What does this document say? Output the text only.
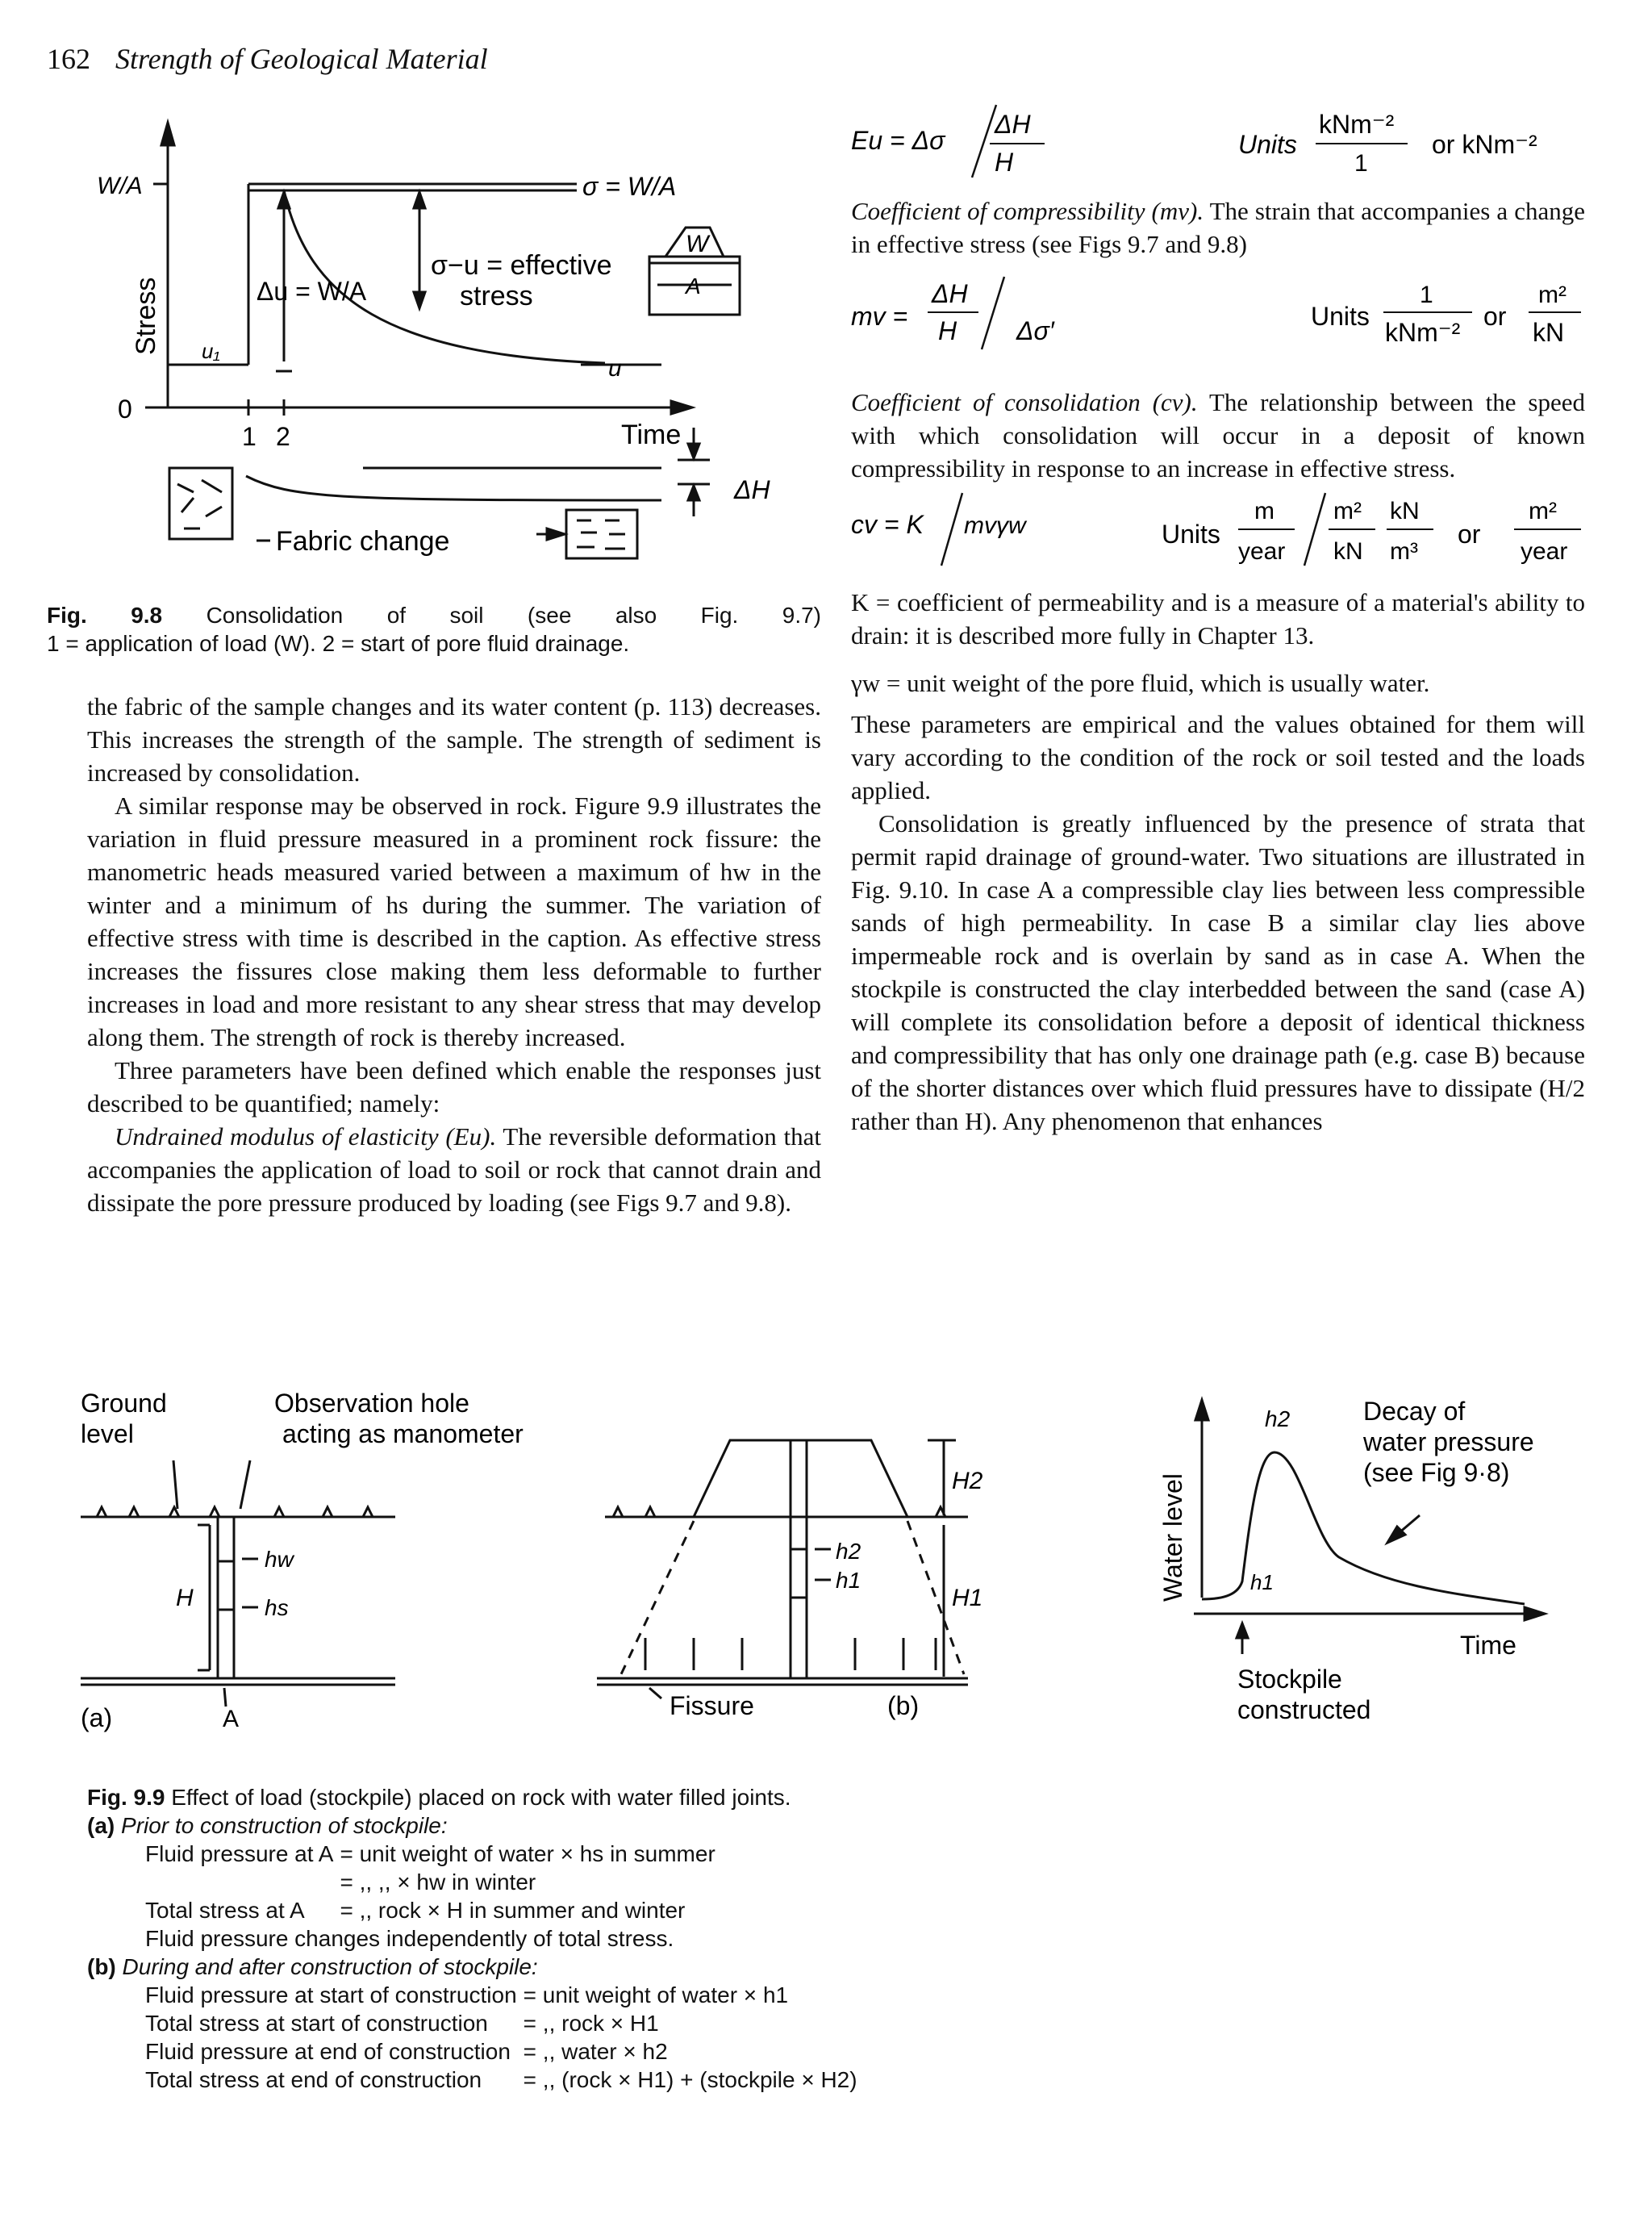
162 Strength of Geological Material
W/A
Stress
0
σ = W/A
Δu = W/A
σ−u = effective
stress
u₁
u
W
A
1 2	Time
ΔH
Fabric change
Fig. 9.8 Consolidation of soil (see also Fig. 9.7)
1 = application of load (W). 2 = start of pore fluid drainage.

the fabric of the sample changes and its water content (p. 113) decreases. This increases the strength of the sample. The strength of sediment is increased by consolidation.

A similar response may be observed in rock. Figure 9.9 illustrates the variation in fluid pressure measured in a prominent rock fissure: the manometric heads measured varied between a maximum of hw in the winter and a minimum of hs during the summer. The variation of effective stress with time is described in the caption. As effective stress increases the fissures close making them less deformable to further increases in load and more resistant to any shear stress that may develop along them. The strength of rock is thereby increased.

Three parameters have been defined which enable the responses just described to be quantified; namely:

Undrained modulus of elasticity (Eu). The reversible deformation that accompanies the application of load to soil or rock that cannot drain and dissipate the pore pressure produced by loading (see Figs 9.7 and 9.8).

Eu = Δσ
ΔH
H
Units
kNm⁻²
1
or kNm⁻²
Coefficient of compressibility (mv). The strain that accompanies a change in effective stress (see Figs 9.7 and 9.8)
mv =
ΔH
H Δσ′	Units
1
kNm⁻²
or
m²
kN
Coefficient of consolidation (cv). The relationship between the speed with which consolidation will occur in a deposit of known compressibility in response to an increase in effective stress.
cv = K mvγw	Units
m
year
m²
kN
kN
m³
or
m²
year

K = coefficient of permeability and is a measure of a material's ability to drain: it is described more fully in Chapter 13.

γw = unit weight of the pore fluid, which is usually water.

These parameters are empirical and the values obtained for them will vary according to the condition of the rock or soil tested and the loads applied.

Consolidation is greatly influenced by the presence of strata that permit rapid drainage of ground-water. Two situations are illustrated in Fig. 9.10. In case A a compressible clay lies between less compressible sands of high permeability. In case B a similar clay lies above impermeable rock and is overlain by sand as in case A. When the stockpile is constructed the clay interbedded between the sand (case A) will complete its consolidation before a deposit of identical thickness and compressibility that has only one drainage path (e.g. case B) because of the shorter distances over which fluid pressures have to dissipate (H/2 rather than H). Any phenomenon that enhances

Ground
level
Observation hole
acting as manometer
H
hw
hs
(a)	A
H2
H1
h2
h1
Fissure	(b)
Water level
h2
h1
Decay of
water pressure
(see Fig 9·8)
Time
Stockpile
constructed
Fig. 9.9 Effect of load (stockpile) placed on rock with water filled joints.
(a) Prior to construction of stockpile:
Fluid pressure at A	= unit weight of water × hs in summer
	= ,, ,, × hw in winter
Total stress at A	= ,, rock × H in summer and winter
Fluid pressure changes independently of total stress.	
(b) During and after construction of stockpile:
Fluid pressure at start of construction	= unit weight of water × h1
Total stress at start of construction	= ,, rock × H1
Fluid pressure at end of construction	= ,, water × h2
Total stress at end of construction	= ,, (rock × H1) + (stockpile × H2)
